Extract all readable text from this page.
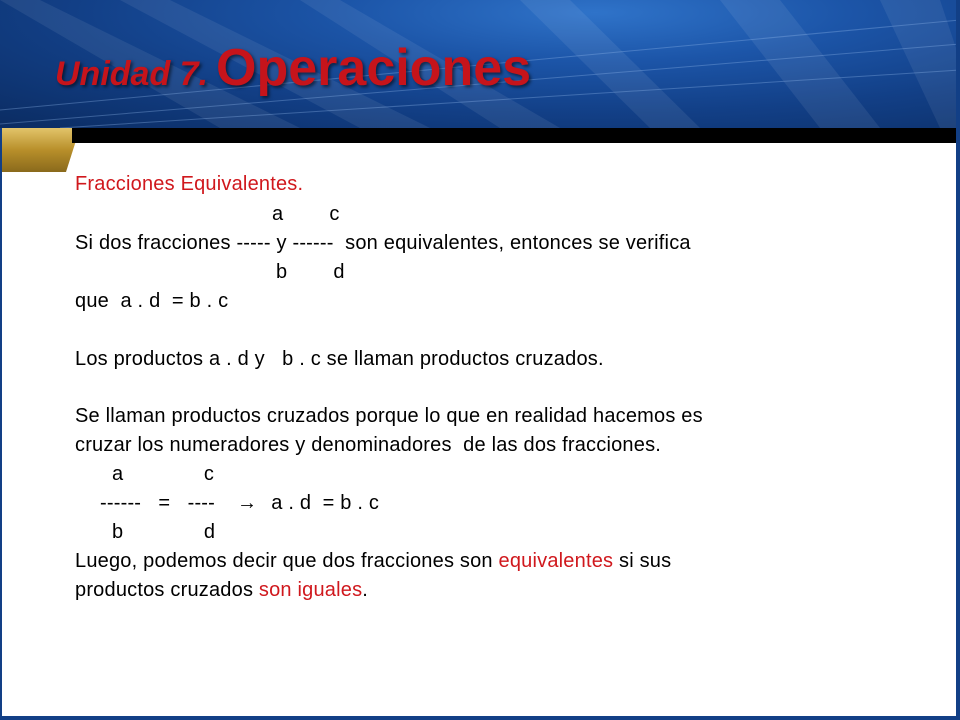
Unidad 7. Operaciones
Fracciones Equivalentes.
a        c
Si dos fracciones ----- y ------  son equivalentes, entonces se verifica
b        d
que  a . d  = b . c
Los productos a . d y   b . c se llaman productos cruzados.
Se llaman productos cruzados porque lo que en realidad hacemos es
cruzar los numeradores y denominadores  de las dos fracciones.
a              c
------   =   ---- → a . d  = b . c
b              d
Luego, podemos decir que dos fracciones son equivalentes si sus
productos cruzados son iguales.
